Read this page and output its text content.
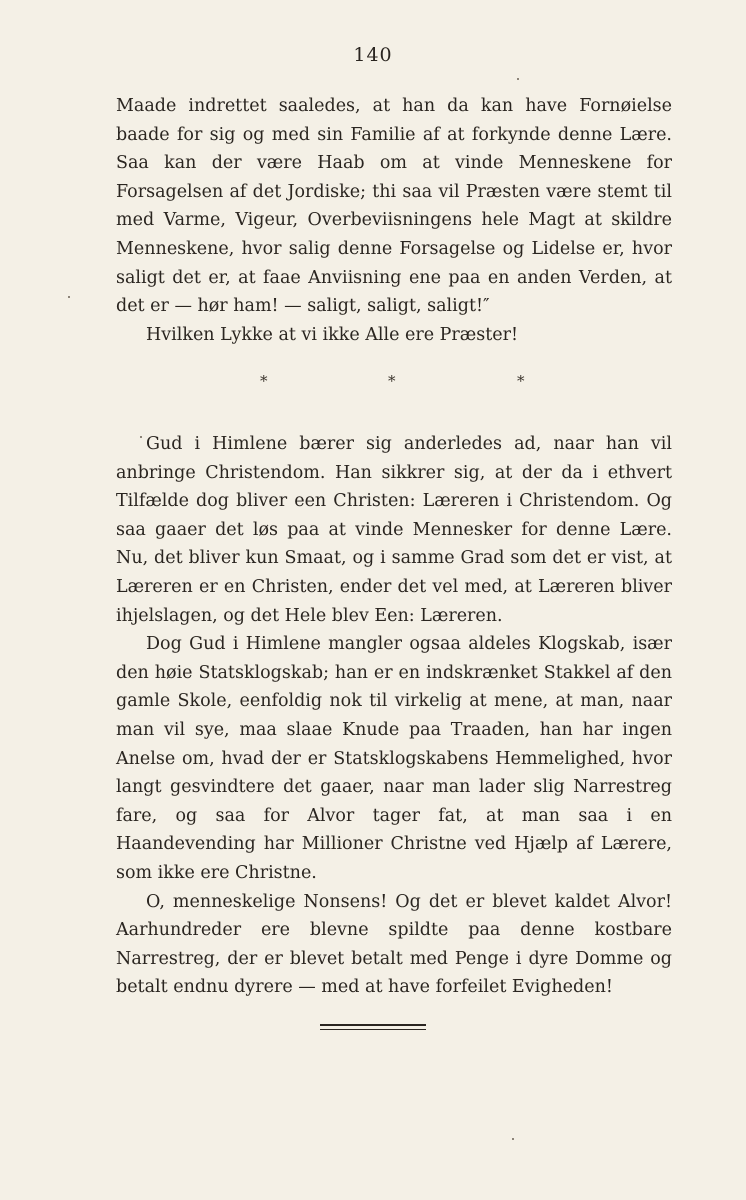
140

Maade indrettet saaledes, at han da kan have Fornøielse baade for sig og med sin Familie af at forkynde denne Lære. Saa kan der være Haab om at vinde Menneskene for Forsagelsen af det Jordiske; thi saa vil Præsten være stemt til med Varme, Vigeur, Overbeviisningens hele Magt at skildre Menneskene, hvor salig denne Forsagelse og Lidelse er, hvor saligt det er, at faae Anviisning ene paa en anden Verden, at det er — hør ham! — saligt, saligt, saligt!″

Hvilken Lykke at vi ikke Alle ere Præster!

*	*	*

Gud i Himlene bærer sig anderledes ad, naar han vil anbringe Christendom. Han sikkrer sig, at der da i ethvert Tilfælde dog bliver een Christen: Læreren i Christendom. Og saa gaaer det løs paa at vinde Mennesker for denne Lære. Nu, det bliver kun Smaat, og i samme Grad som det er vist, at Læreren er en Christen, ender det vel med, at Læreren bliver ihjelslagen, og det Hele blev Een: Læreren.

Dog Gud i Himlene mangler ogsaa aldeles Klogskab, især den høie Statsklogskab; han er en indskrænket Stakkel af den gamle Skole, eenfoldig nok til virkelig at mene, at man, naar man vil sye, maa slaae Knude paa Traaden, han har ingen Anelse om, hvad der er Statsklogskabens Hemmelighed, hvor langt gesvindtere det gaaer, naar man lader slig Narrestreg fare, og saa for Alvor tager fat, at man saa i en Haandevending har Millioner Christne ved Hjælp af Lærere, som ikke ere Christne.

O, menneskelige Nonsens! Og det er blevet kaldet Alvor! Aarhundreder ere blevne spildte paa denne kostbare Narrestreg, der er blevet betalt med Penge i dyre Domme og betalt endnu dyrere — med at have forfeilet Evigheden!
